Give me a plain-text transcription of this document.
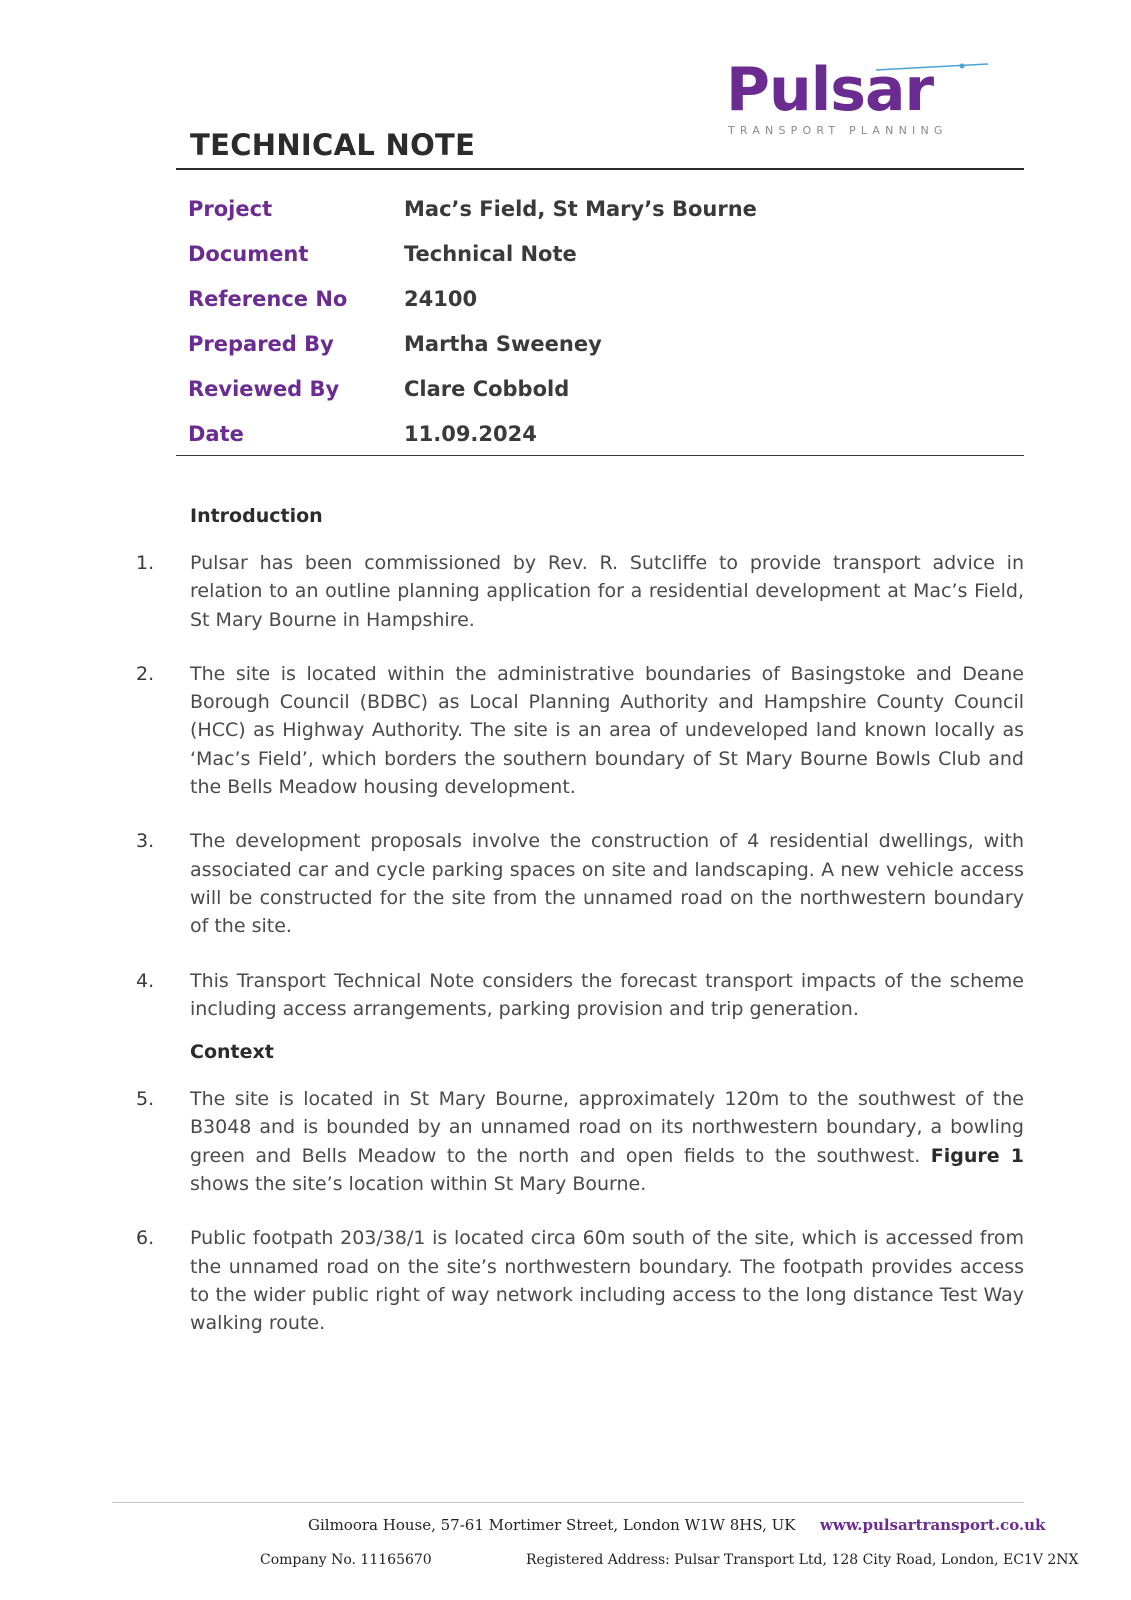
Pulsar
TRANSPORT PLANNING
TECHNICAL NOTE
Project	Mac’s Field, St Mary’s Bourne
Document	Technical Note
Reference No	24100
Prepared By	Martha Sweeney
Reviewed By	Clare Cobbold
Date	11.09.2024
Introduction
1.	Pulsar has been commissioned by Rev. R. Sutcliffe to provide transport advice in relation to an outline planning application for a residential development at Mac’s Field, St Mary Bourne in Hampshire.
2.	The site is located within the administrative boundaries of Basingstoke and Deane Borough Council (BDBC) as Local Planning Authority and Hampshire County Council (HCC) as Highway Authority. The site is an area of undeveloped land known locally as ‘Mac’s Field’, which borders the southern boundary of St Mary Bourne Bowls Club and the Bells Meadow housing development.
3.	The development proposals involve the construction of 4 residential dwellings, with associated car and cycle parking spaces on site and landscaping. A new vehicle access will be constructed for the site from the unnamed road on the northwestern boundary of the site.
4.	This Transport Technical Note considers the forecast transport impacts of the scheme including access arrangements, parking provision and trip generation.
Context
5.	The site is located in St Mary Bourne, approximately 120m to the southwest of the B3048 and is bounded by an unnamed road on its northwestern boundary, a bowling green and Bells Meadow to the north and open fields to the southwest. Figure 1 shows the site’s location within St Mary Bourne.
6.	Public footpath 203/38/1 is located circa 60m south of the site, which is accessed from the unnamed road on the site’s northwestern boundary. The footpath provides access to the wider public right of way network including access to the long distance Test Way walking route.
Gilmoora House, 57-61 Mortimer Street, London W1W 8HS, UK www.pulsartransport.co.uk
Company No. 11165670	Registered Address: Pulsar Transport Ltd, 128 City Road, London, EC1V 2NX
